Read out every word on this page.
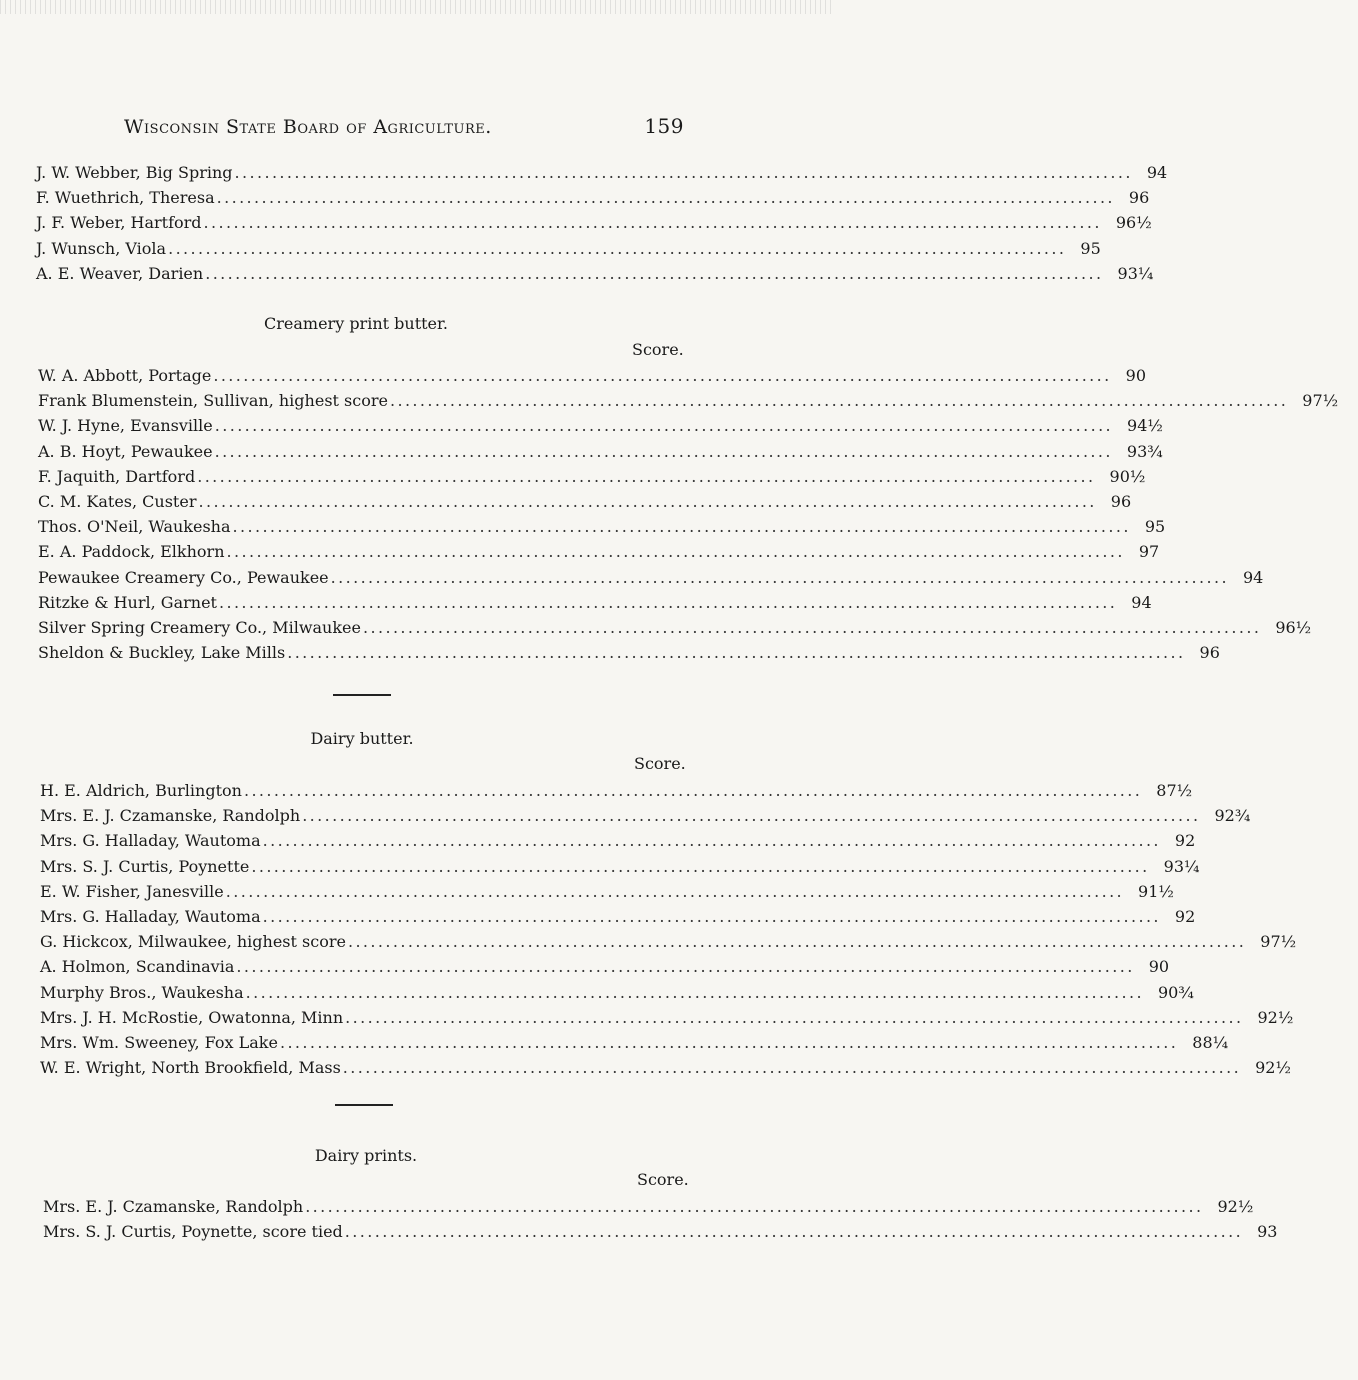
Wisconsin State Board of Agriculture.	159
J. W. Webber, Big Spring ........................................................................................................................ 94
F. Wuethrich, Theresa ........................................................................................................................ 96
J. F. Weber, Hartford ........................................................................................................................ 96½
J. Wunsch, Viola ........................................................................................................................ 95
A. E. Weaver, Darien ........................................................................................................................ 93¼
Creamery print butter.
Score.
W. A. Abbott, Portage ........................................................................................................................ 90
Frank Blumenstein, Sullivan, highest score ........................................................................................................................ 97½
W. J. Hyne, Evansville ........................................................................................................................ 94½
A. B. Hoyt, Pewaukee ........................................................................................................................ 93¾
F. Jaquith, Dartford ........................................................................................................................ 90½
C. M. Kates, Custer ........................................................................................................................ 96
Thos. O'Neil, Waukesha ........................................................................................................................ 95
E. A. Paddock, Elkhorn ........................................................................................................................ 97
Pewaukee Creamery Co., Pewaukee ........................................................................................................................ 94
Ritzke & Hurl, Garnet ........................................................................................................................ 94
Silver Spring Creamery Co., Milwaukee ........................................................................................................................ 96½
Sheldon & Buckley, Lake Mills ........................................................................................................................ 96
Dairy butter.
Score.
H. E. Aldrich, Burlington ........................................................................................................................ 87½
Mrs. E. J. Czamanske, Randolph ........................................................................................................................ 92¾
Mrs. G. Halladay, Wautoma ........................................................................................................................ 92
Mrs. S. J. Curtis, Poynette ........................................................................................................................ 93¼
E. W. Fisher, Janesville ........................................................................................................................ 91½
Mrs. G. Halladay, Wautoma ........................................................................................................................ 92
G. Hickcox, Milwaukee, highest score ........................................................................................................................ 97½
A. Holmon, Scandinavia ........................................................................................................................ 90
Murphy Bros., Waukesha ........................................................................................................................ 90¾
Mrs. J. H. McRostie, Owatonna, Minn ........................................................................................................................ 92½
Mrs. Wm. Sweeney, Fox Lake ........................................................................................................................ 88¼
W. E. Wright, North Brookfield, Mass ........................................................................................................................ 92½
Dairy prints.
Score.
Mrs. E. J. Czamanske, Randolph ........................................................................................................................ 92½
Mrs. S. J. Curtis, Poynette, score tied ........................................................................................................................ 93
